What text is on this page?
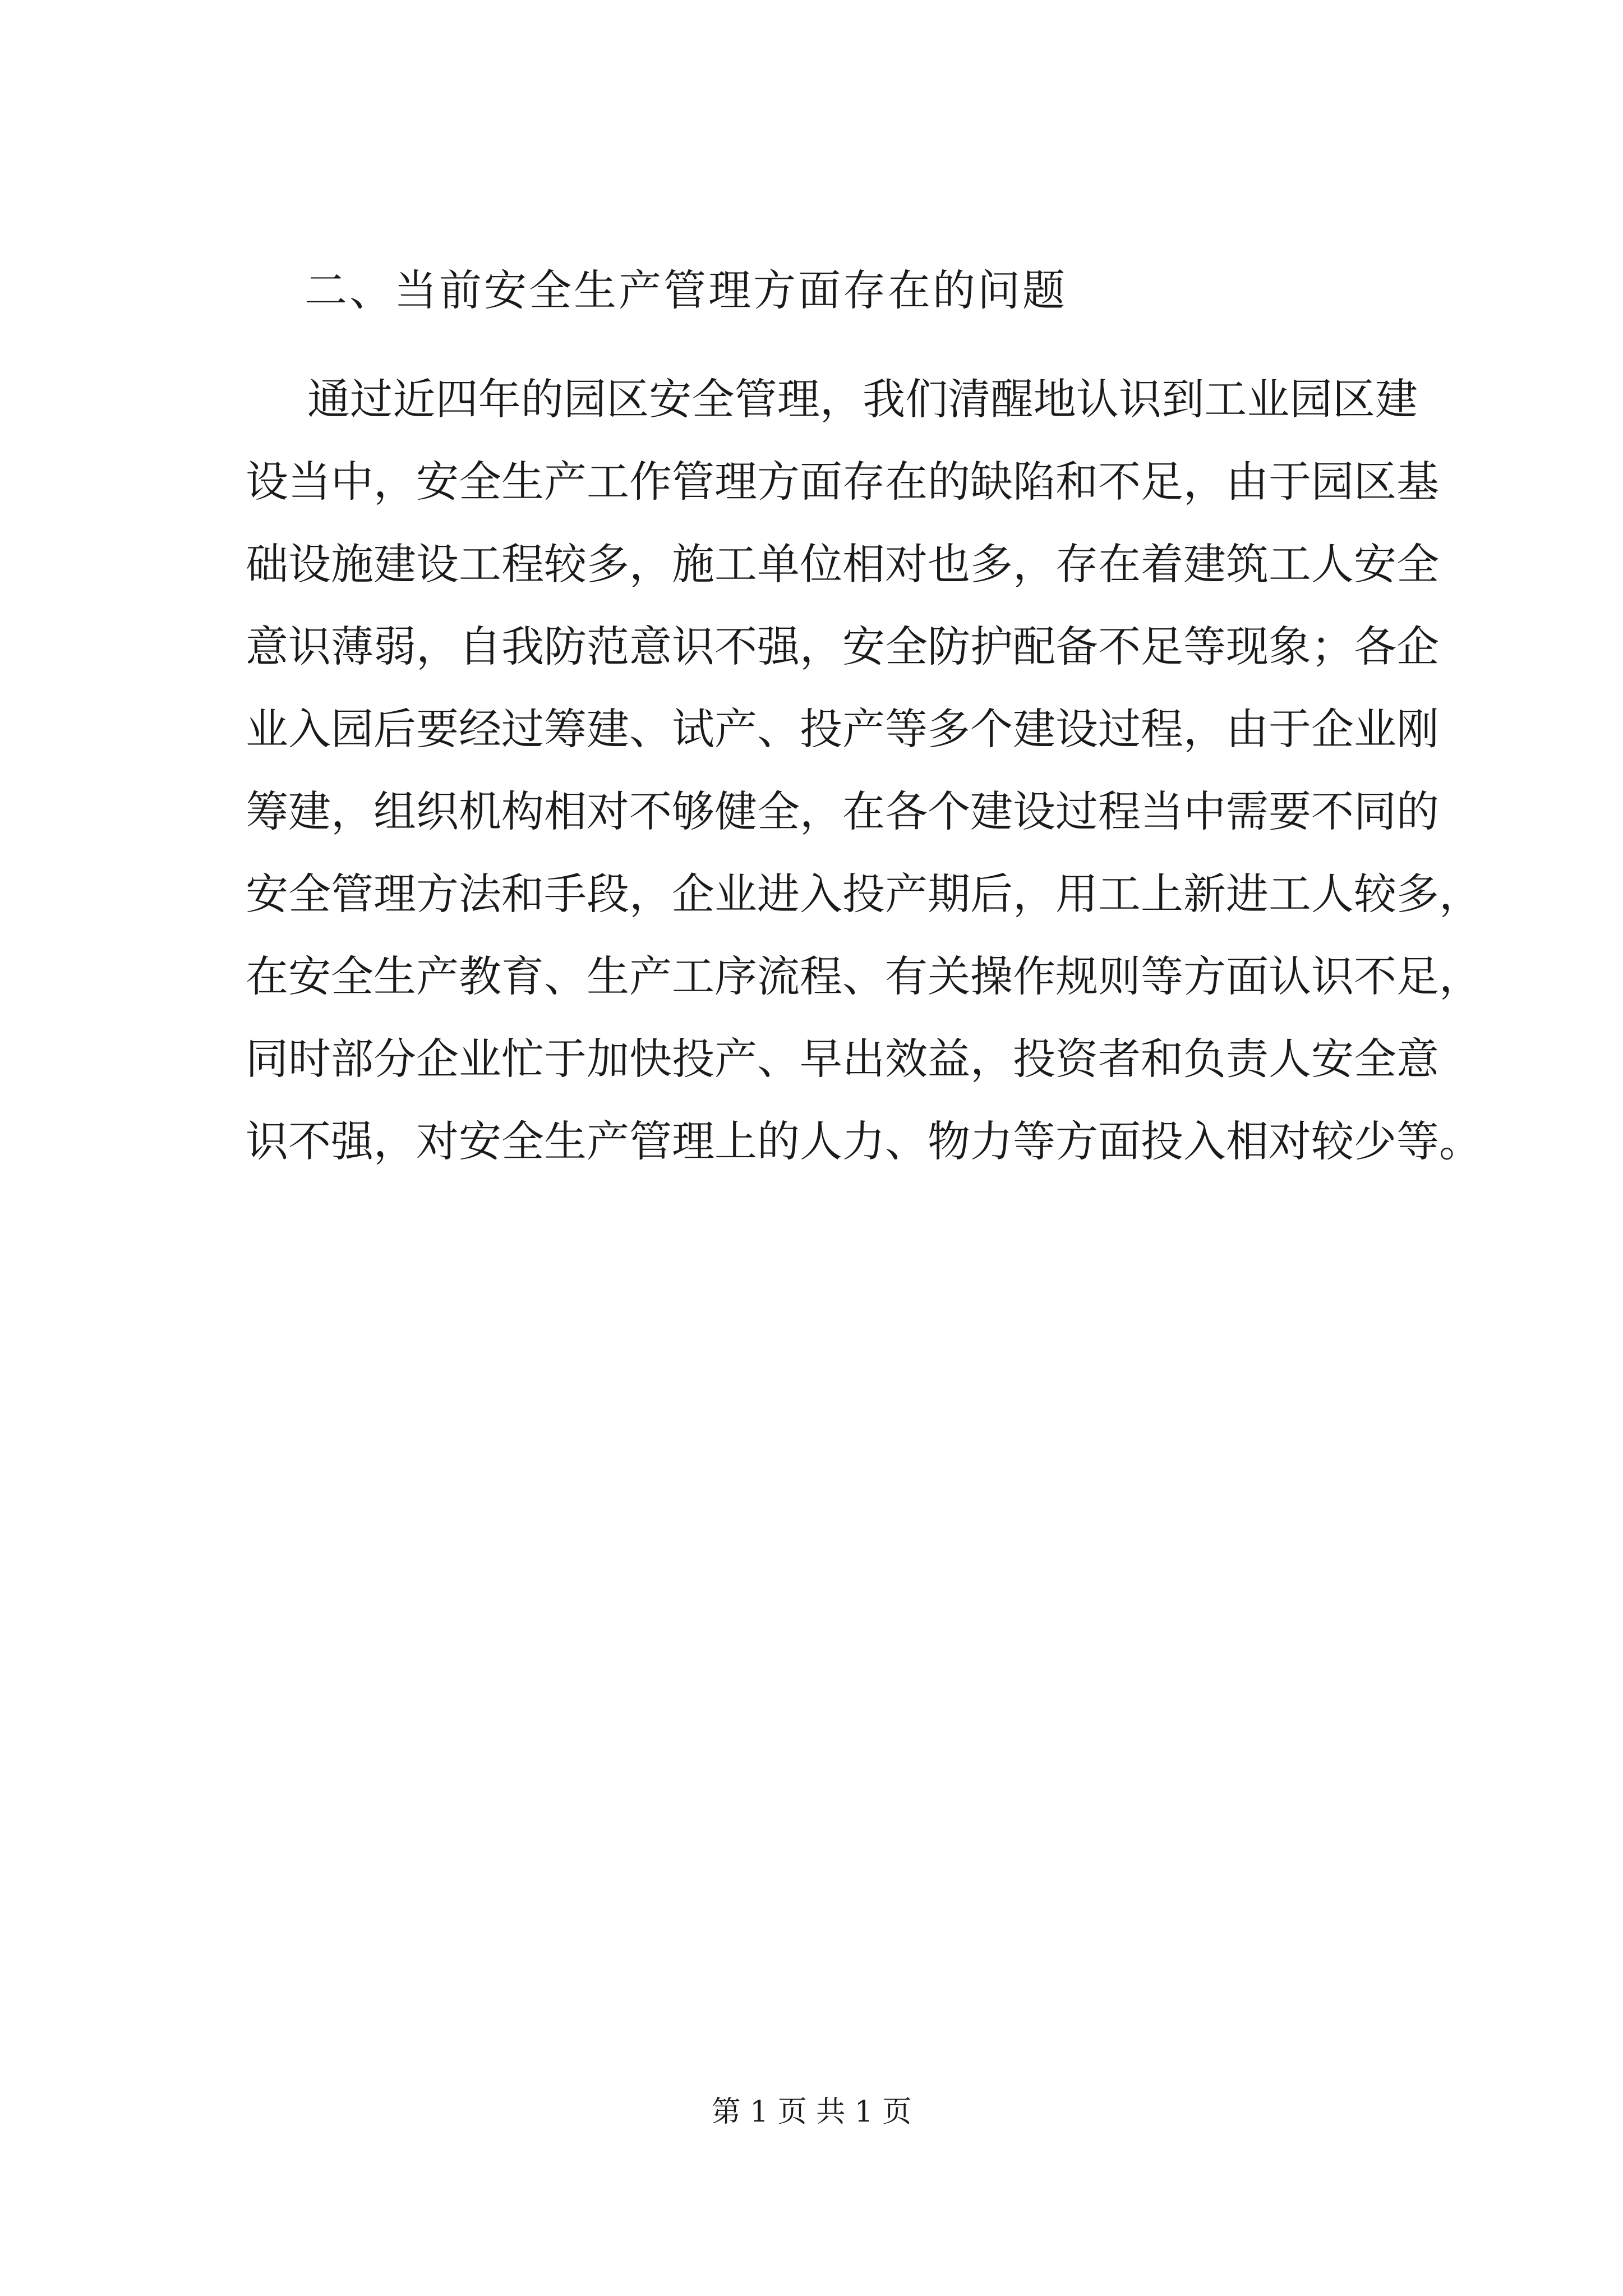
二、当前安全生产管理方面存在的问题
通过近四年的园区安全管理，我们清醒地认识到工业园区建
设当中，安全生产工作管理方面存在的缺陷和不足，由于园区基
础设施建设工程较多，施工单位相对也多，存在着建筑工人安全
意识薄弱，自我防范意识不强，安全防护配备不足等现象；各企
业入园后要经过筹建、试产、投产等多个建设过程，由于企业刚
筹建，组织机构相对不够健全，在各个建设过程当中需要不同的
安全管理方法和手段，企业进入投产期后，用工上新进工人较多，
在安全生产教育、生产工序流程、有关操作规则等方面认识不足，
同时部分企业忙于加快投产、早出效益，投资者和负责人安全意
识不强，对安全生产管理上的人力、物力等方面投入相对较少等。
第 1 页 共 1 页
